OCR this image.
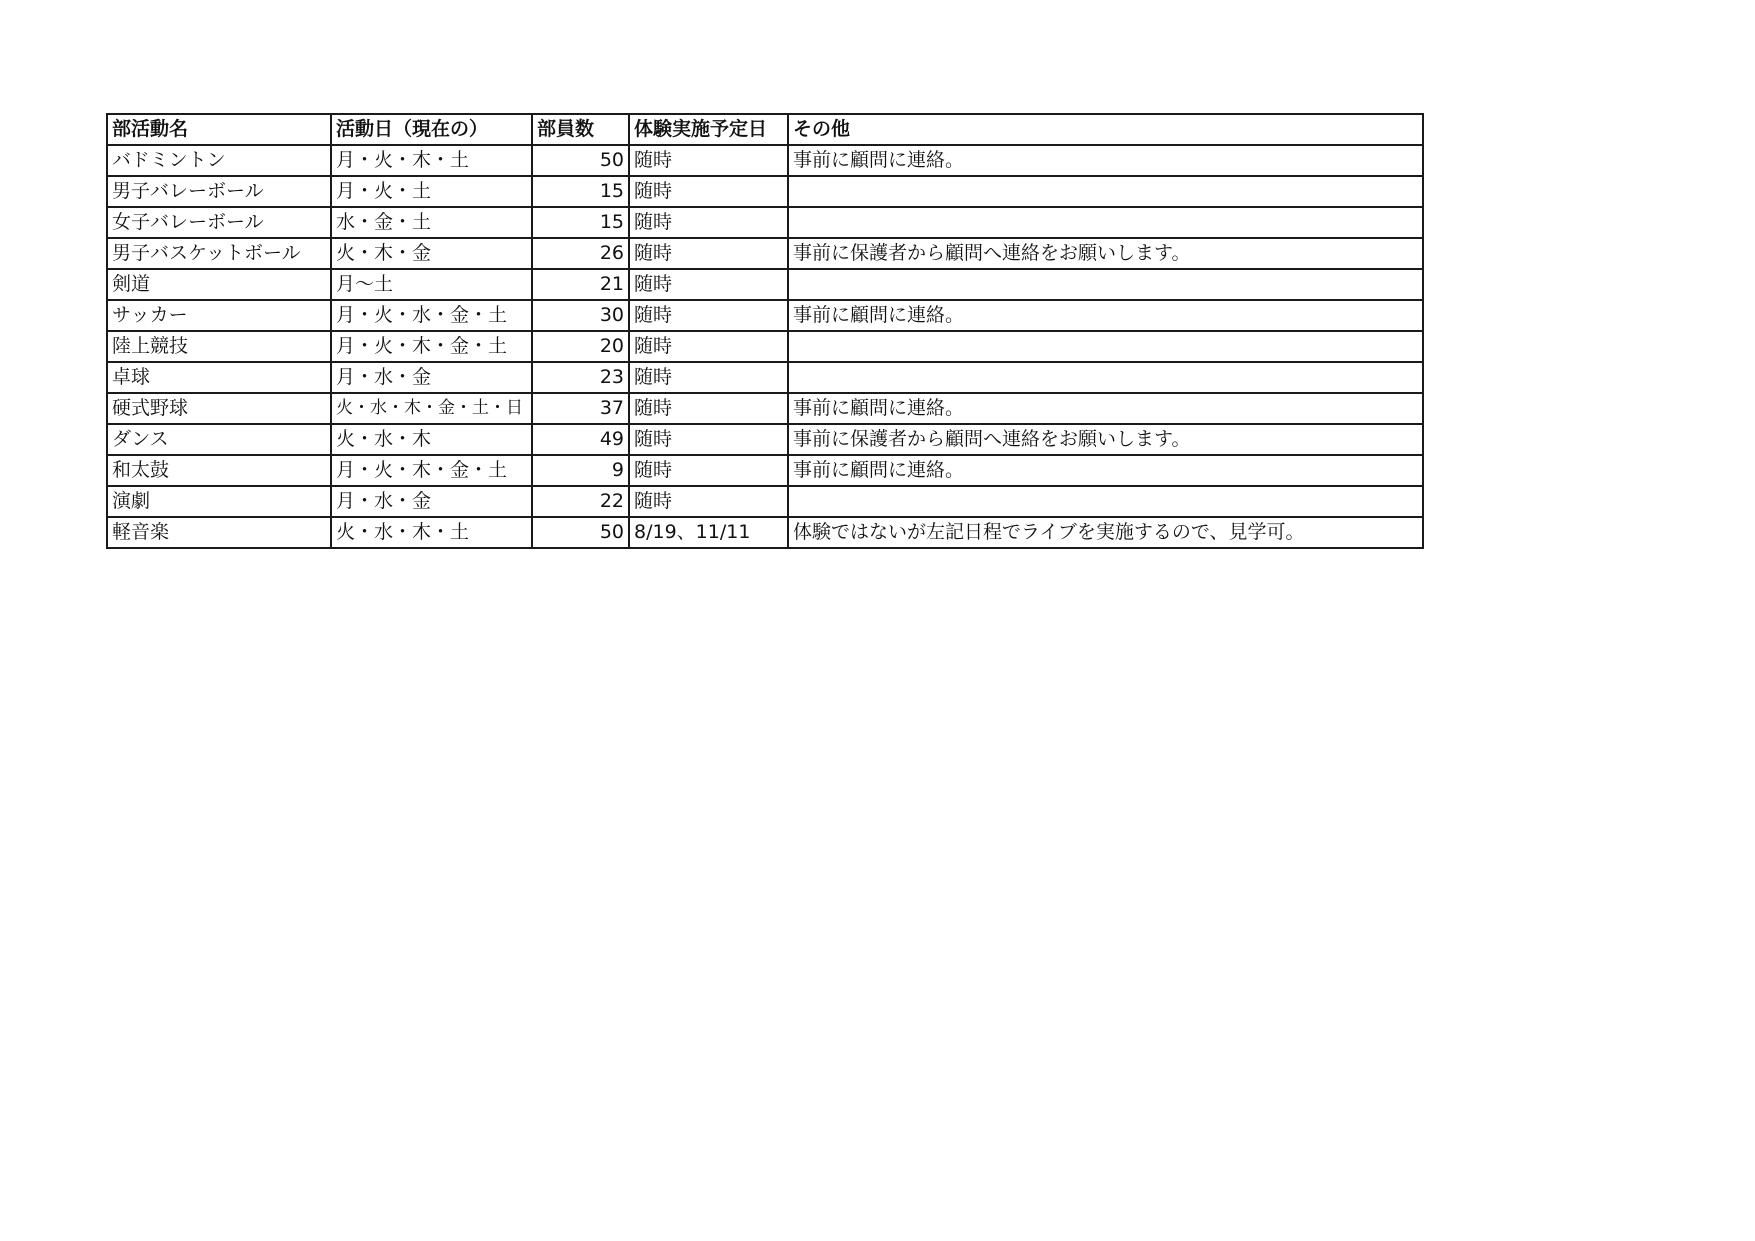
部活動名	活動日（現在の）	部員数	体験実施予定日	その他
バドミントン	月・火・木・土	50	随時	事前に顧問に連絡。
男子バレーボール	月・火・土	15	随時	
女子バレーボール	水・金・土	15	随時	
男子バスケットボール	火・木・金	26	随時	事前に保護者から顧問へ連絡をお願いします。
剣道	月〜土	21	随時	
サッカー	月・火・水・金・土	30	随時	事前に顧問に連絡。
陸上競技	月・火・木・金・土	20	随時	
卓球	月・水・金	23	随時	
硬式野球	火・水・木・金・土・日	37	随時	事前に顧問に連絡。
ダンス	火・水・木	49	随時	事前に保護者から顧問へ連絡をお願いします。
和太鼓	月・火・木・金・土	9	随時	事前に顧問に連絡。
演劇	月・水・金	22	随時	
軽音楽	火・水・木・土	50	8/19、11/11	体験ではないが左記日程でライブを実施するので、見学可。
